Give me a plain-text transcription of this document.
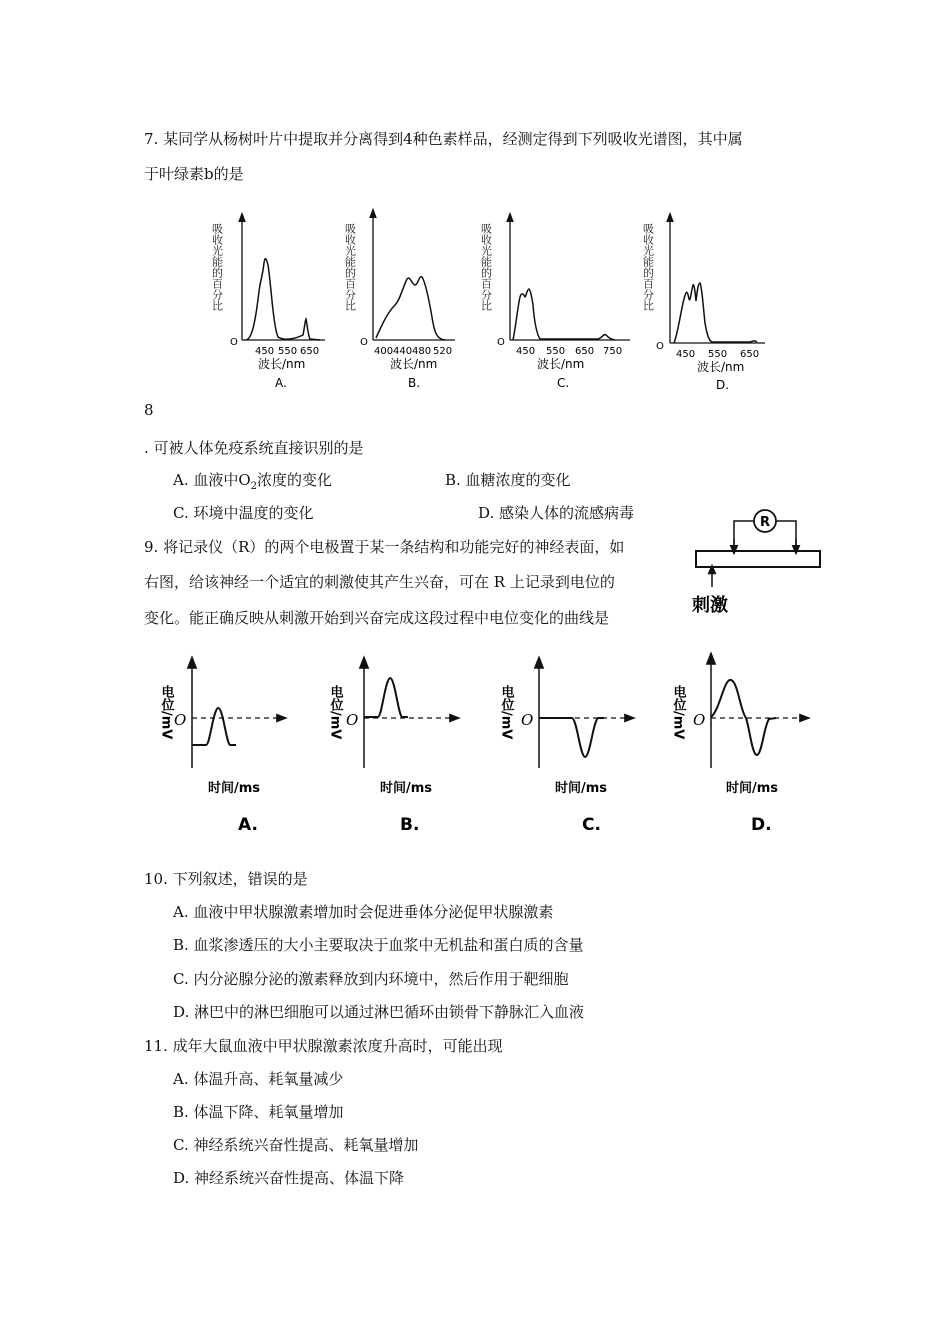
7. 某同学从杨树叶片中提取并分离得到4种色素样品，经测定得到下列吸收光谱图，其中属
于叶绿素b的是
吸收光能的百分比
O
450 550 650
波长/nm
A.
吸收光能的百分比
O
400 440 480 520
波长/nm
B.
吸收光能的百分比
O
450 550 650 750
波长/nm
C.
吸收光能的百分比
O
450 550 650
波长/nm
D.
8
. 可被人体免疫系统直接识别的是
A. 血液中$O_2$浓度的变化	B. 血糖浓度的变化
C. 环境中温度的变化	D. 感染人体的流感病毒
9. 将记录仪（R）的两个电极置于某一条结构和功能完好的神经表面，如
右图，给该神经一个适宜的刺激使其产生兴奋，可在 R 上记录到电位的
变化。能正确反映从刺激开始到兴奋完成这段过程中电位变化的曲线是
R
刺激
电位/mV O
时间/ms
A.
电位/mV O
时间/ms
B.
电位/mV O
时间/ms
C.
电位/mV O
时间/ms
D.
10. 下列叙述，错误的是
A. 血液中甲状腺激素增加时会促进垂体分泌促甲状腺激素
B. 血浆渗透压的大小主要取决于血浆中无机盐和蛋白质的含量
C. 内分泌腺分泌的激素释放到内环境中，然后作用于靶细胞
D. 淋巴中的淋巴细胞可以通过淋巴循环由锁骨下静脉汇入血液
11. 成年大鼠血液中甲状腺激素浓度升高时，可能出现
A. 体温升高、耗氧量减少
B. 体温下降、耗氧量增加
C. 神经系统兴奋性提高、耗氧量增加
D. 神经系统兴奋性提高、体温下降
